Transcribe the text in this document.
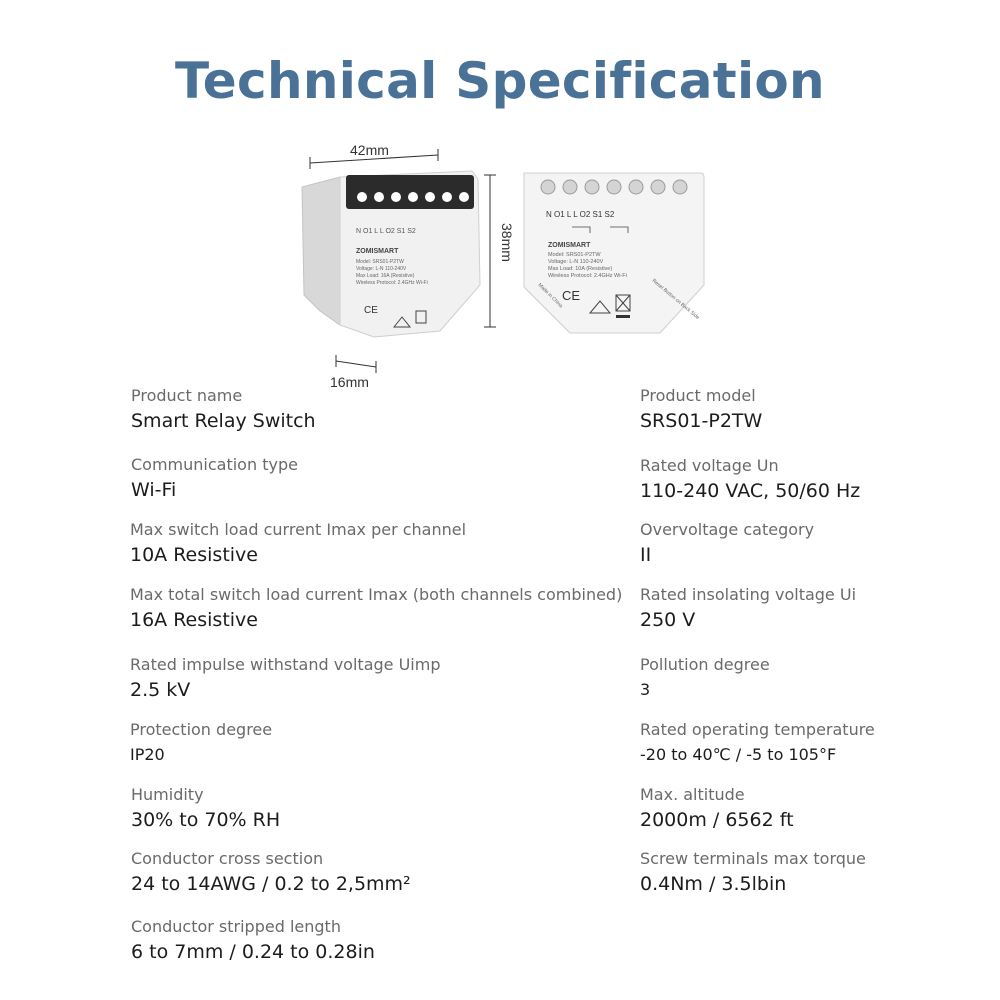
Technical Specification
42mm
38mm
16mm
N O1 L L O2 S1 S2
ZOMISMART
Model: SRS01-P2TW
Voltage: L-N 110-240V
Max Load: 16A (Resistive)
Wireless Protocol: 2.4GHz Wi-Fi
CE
N O1 L L O2 S1 S2
ZOMISMART
Model: SRS01-P2TW
Voltage: L-N 110-240V
Max Load: 10A (Resistive)
Wireless Protocol: 2.4GHz Wi-Fi
CE
Made in China	Reset Button on Back Side
Product name
Smart Relay Switch
Communication type
Wi-Fi
Max switch load current Imax per channel
10A Resistive
Max total switch load current Imax (both channels combined)
16A Resistive
Rated impulse withstand voltage Uimp
2.5 kV
Protection degree
IP20
Humidity
30% to 70% RH
Conductor cross section
24 to 14AWG / 0.2 to 2,5mm²
Conductor stripped length
6 to 7mm / 0.24 to 0.28in
Product model
SRS01-P2TW
Rated voltage Un
110-240 VAC, 50/60 Hz
Overvoltage category
II
Rated insolating voltage Ui
250 V
Pollution degree
3
Rated operating temperature
-20 to 40℃ / -5 to 105°F
Max. altitude
2000m / 6562 ft
Screw terminals max torque
0.4Nm / 3.5lbin
